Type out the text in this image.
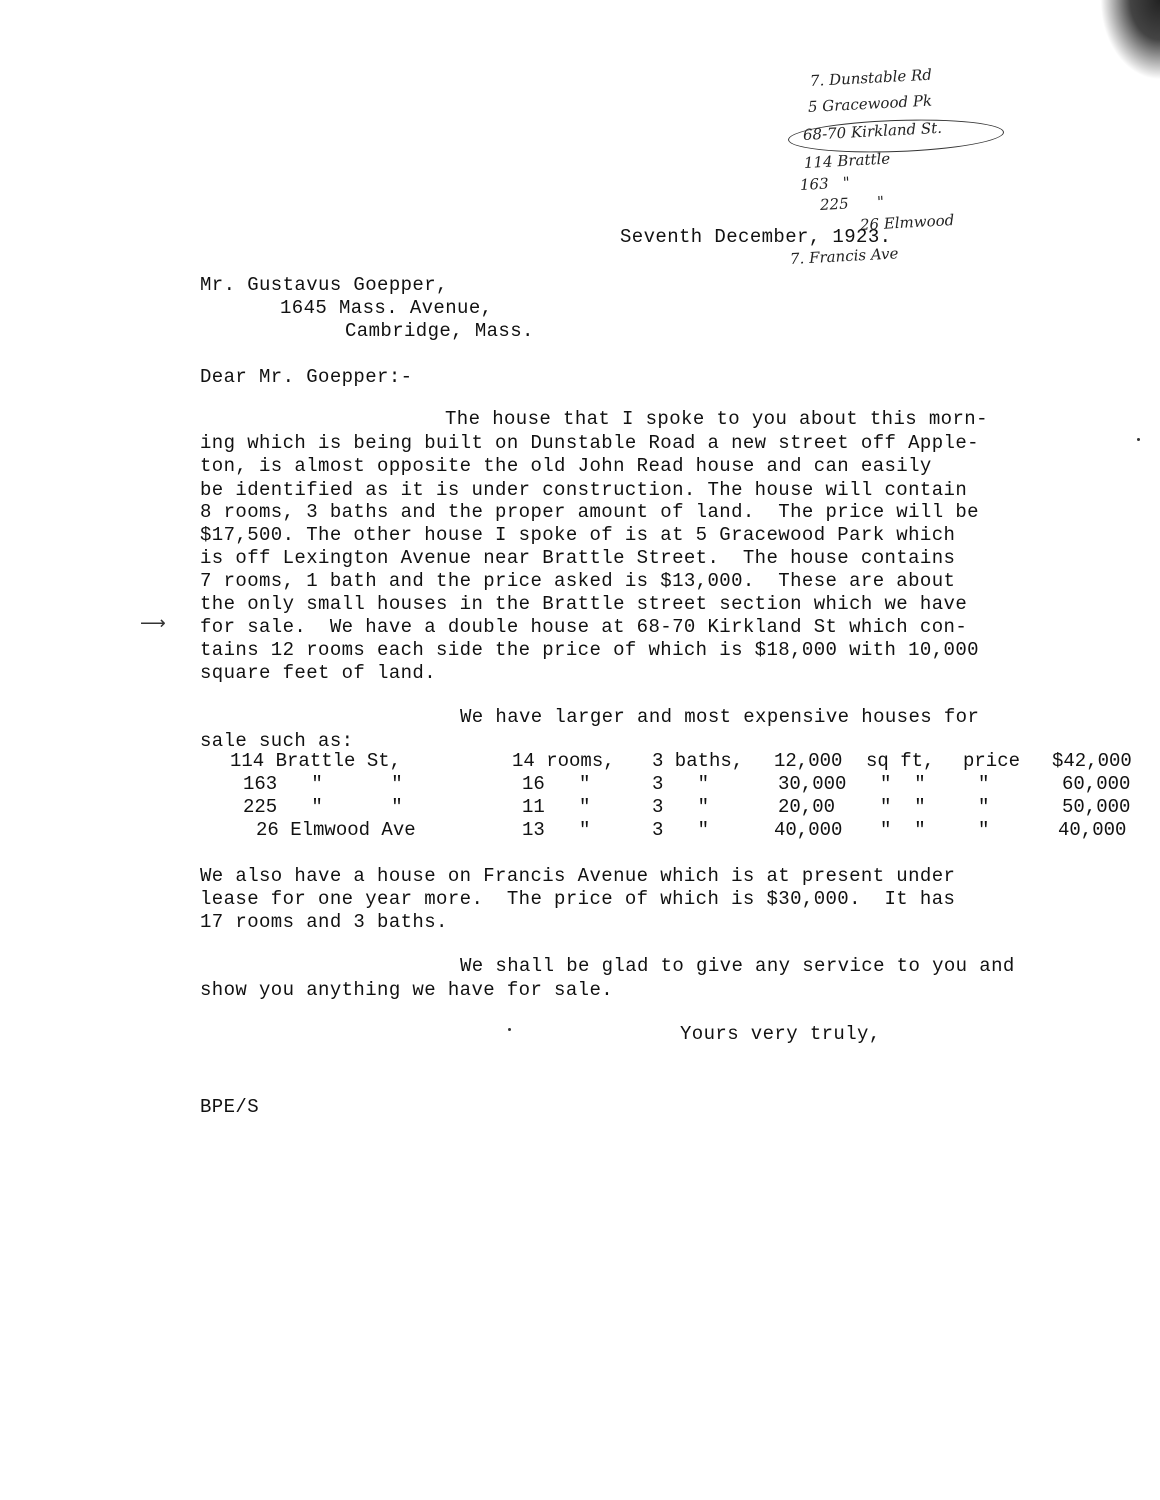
7. Dunstable Rd
5 Gracewood Pk
68-70 Kirkland St.
114 Brattle
163   "
225      "
26 Elmwood
7. Francis Ave
Seventh December, 1923.
Mr. Gustavus Goepper,
1645 Mass. Avenue,
Cambridge, Mass.
Dear Mr. Goepper:-
The house that I spoke to you about this morn-
ing which is being built on Dunstable Road a new street off Apple-
ton, is almost opposite the old John Read house and can easily
be identified as it is under construction. The house will contain
8 rooms, 3 baths and the proper amount of land.  The price will be
$17,500. The other house I spoke of is at 5 Gracewood Park which
is off Lexington Avenue near Brattle Street.  The house contains
7 rooms, 1 bath and the price asked is $13,000.  These are about
the only small houses in the Brattle street section which we have
⟶ for sale.  We have a double house at 68-70 Kirkland St which con-
tains 12 rooms each side the price of which is $18,000 with 10,000
square feet of land.
We have larger and most expensive houses for
sale such as:
114 Brattle St,	14 rooms, 3 baths, 12,000 sq ft, price $42,000
163   "      "	16   "	3   "	30,000 "  "	"	60,000
225   "      "	11   "	3   "	20,00 "  "	"	50,000
26 Elmwood Ave	13   "	3   "	40,000 "  "	"	40,000
We also have a house on Francis Avenue which is at present under
lease for one year more.  The price of which is $30,000.  It has
17 rooms and 3 baths.
We shall be glad to give any service to you and
show you anything we have for sale.
Yours very truly,
BPE/S
